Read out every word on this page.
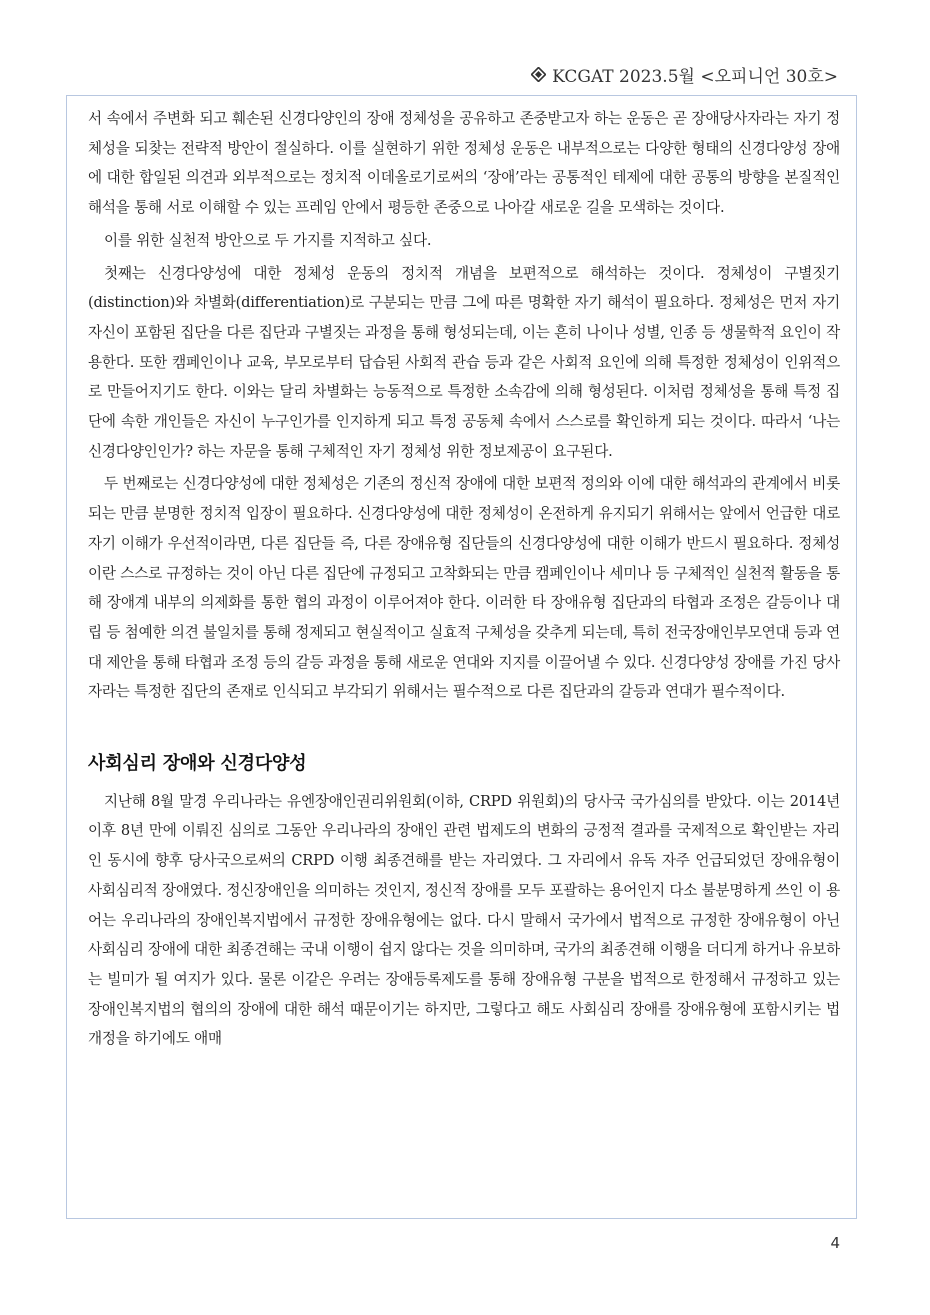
KCGAT 2023.5월 <오피니언 30호>

서 속에서 주변화 되고 훼손된 신경다양인의 장애 정체성을 공유하고 존중받고자 하는 운동은 곧 장애당사자라는 자기 정체성을 되찾는 전략적 방안이 절실하다. 이를 실현하기 위한 정체성 운동은 내부적으로는 다양한 형태의 신경다양성 장애에 대한 합일된 의견과 외부적으로는 정치적 이데올로기로써의 ‘장애’라는 공통적인 테제에 대한 공통의 방향을 본질적인 해석을 통해 서로 이해할 수 있는 프레임 안에서 평등한 존중으로 나아갈 새로운 길을 모색하는 것이다.

이를 위한 실천적 방안으로 두 가지를 지적하고 싶다.

첫째는 신경다양성에 대한 정체성 운동의 정치적 개념을 보편적으로 해석하는 것이다. 정체성이 구별짓기(distinction)와 차별화(differentiation)로 구분되는 만큼 그에 따른 명확한 자기 해석이 필요하다. 정체성은 먼저 자기 자신이 포함된 집단을 다른 집단과 구별짓는 과정을 통해 형성되는데, 이는 흔히 나이나 성별, 인종 등 생물학적 요인이 작용한다. 또한 캠페인이나 교육, 부모로부터 답습된 사회적 관습 등과 같은 사회적 요인에 의해 특정한 정체성이 인위적으로 만들어지기도 한다. 이와는 달리 차별화는 능동적으로 특정한 소속감에 의해 형성된다. 이처럼 정체성을 통해 특정 집단에 속한 개인들은 자신이 누구인가를 인지하게 되고 특정 공동체 속에서 스스로를 확인하게 되는 것이다. 따라서 ‘나는 신경다양인인가? 하는 자문을 통해 구체적인 자기 정체성 위한 정보제공이 요구된다.

두 번째로는 신경다양성에 대한 정체성은 기존의 정신적 장애에 대한 보편적 정의와 이에 대한 해석과의 관계에서 비롯되는 만큼 분명한 정치적 입장이 필요하다. 신경다양성에 대한 정체성이 온전하게 유지되기 위해서는 앞에서 언급한 대로 자기 이해가 우선적이라면, 다른 집단들 즉, 다른 장애유형 집단들의 신경다양성에 대한 이해가 반드시 필요하다. 정체성이란 스스로 규정하는 것이 아닌 다른 집단에 규정되고 고착화되는 만큼 캠페인이나 세미나 등 구체적인 실천적 활동을 통해 장애계 내부의 의제화를 통한 협의 과정이 이루어져야 한다. 이러한 타 장애유형 집단과의 타협과 조정은 갈등이나 대립 등 첨예한 의견 불일치를 통해 정제되고 현실적이고 실효적 구체성을 갖추게 되는데, 특히 전국장애인부모연대 등과 연대 제안을 통해 타협과 조정 등의 갈등 과정을 통해 새로운 연대와 지지를 이끌어낼 수 있다. 신경다양성 장애를 가진 당사자라는 특정한 집단의 존재로 인식되고 부각되기 위해서는 필수적으로 다른 집단과의 갈등과 연대가 필수적이다.

사회심리 장애와 신경다양성

지난해 8월 말경 우리나라는 유엔장애인권리위원회(이하, CRPD 위원회)의 당사국 국가심의를 받았다. 이는 2014년 이후 8년 만에 이뤄진 심의로 그동안 우리나라의 장애인 관련 법제도의 변화의 긍정적 결과를 국제적으로 확인받는 자리인 동시에 향후 당사국으로써의 CRPD 이행 최종견해를 받는 자리였다. 그 자리에서 유독 자주 언급되었던 장애유형이 사회심리적 장애였다. 정신장애인을 의미하는 것인지, 정신적 장애를 모두 포괄하는 용어인지 다소 불분명하게 쓰인 이 용어는 우리나라의 장애인복지법에서 규정한 장애유형에는 없다. 다시 말해서 국가에서 법적으로 규정한 장애유형이 아닌 사회심리 장애에 대한 최종견해는 국내 이행이 쉽지 않다는 것을 의미하며, 국가의 최종견해 이행을 더디게 하거나 유보하는 빌미가 될 여지가 있다. 물론 이같은 우려는 장애등록제도를 통해 장애유형 구분을 법적으로 한정해서 규정하고 있는 장애인복지법의 협의의 장애에 대한 해석 때문이기는 하지만, 그렇다고 해도 사회심리 장애를 장애유형에 포함시키는 법개정을 하기에도 애매

4
